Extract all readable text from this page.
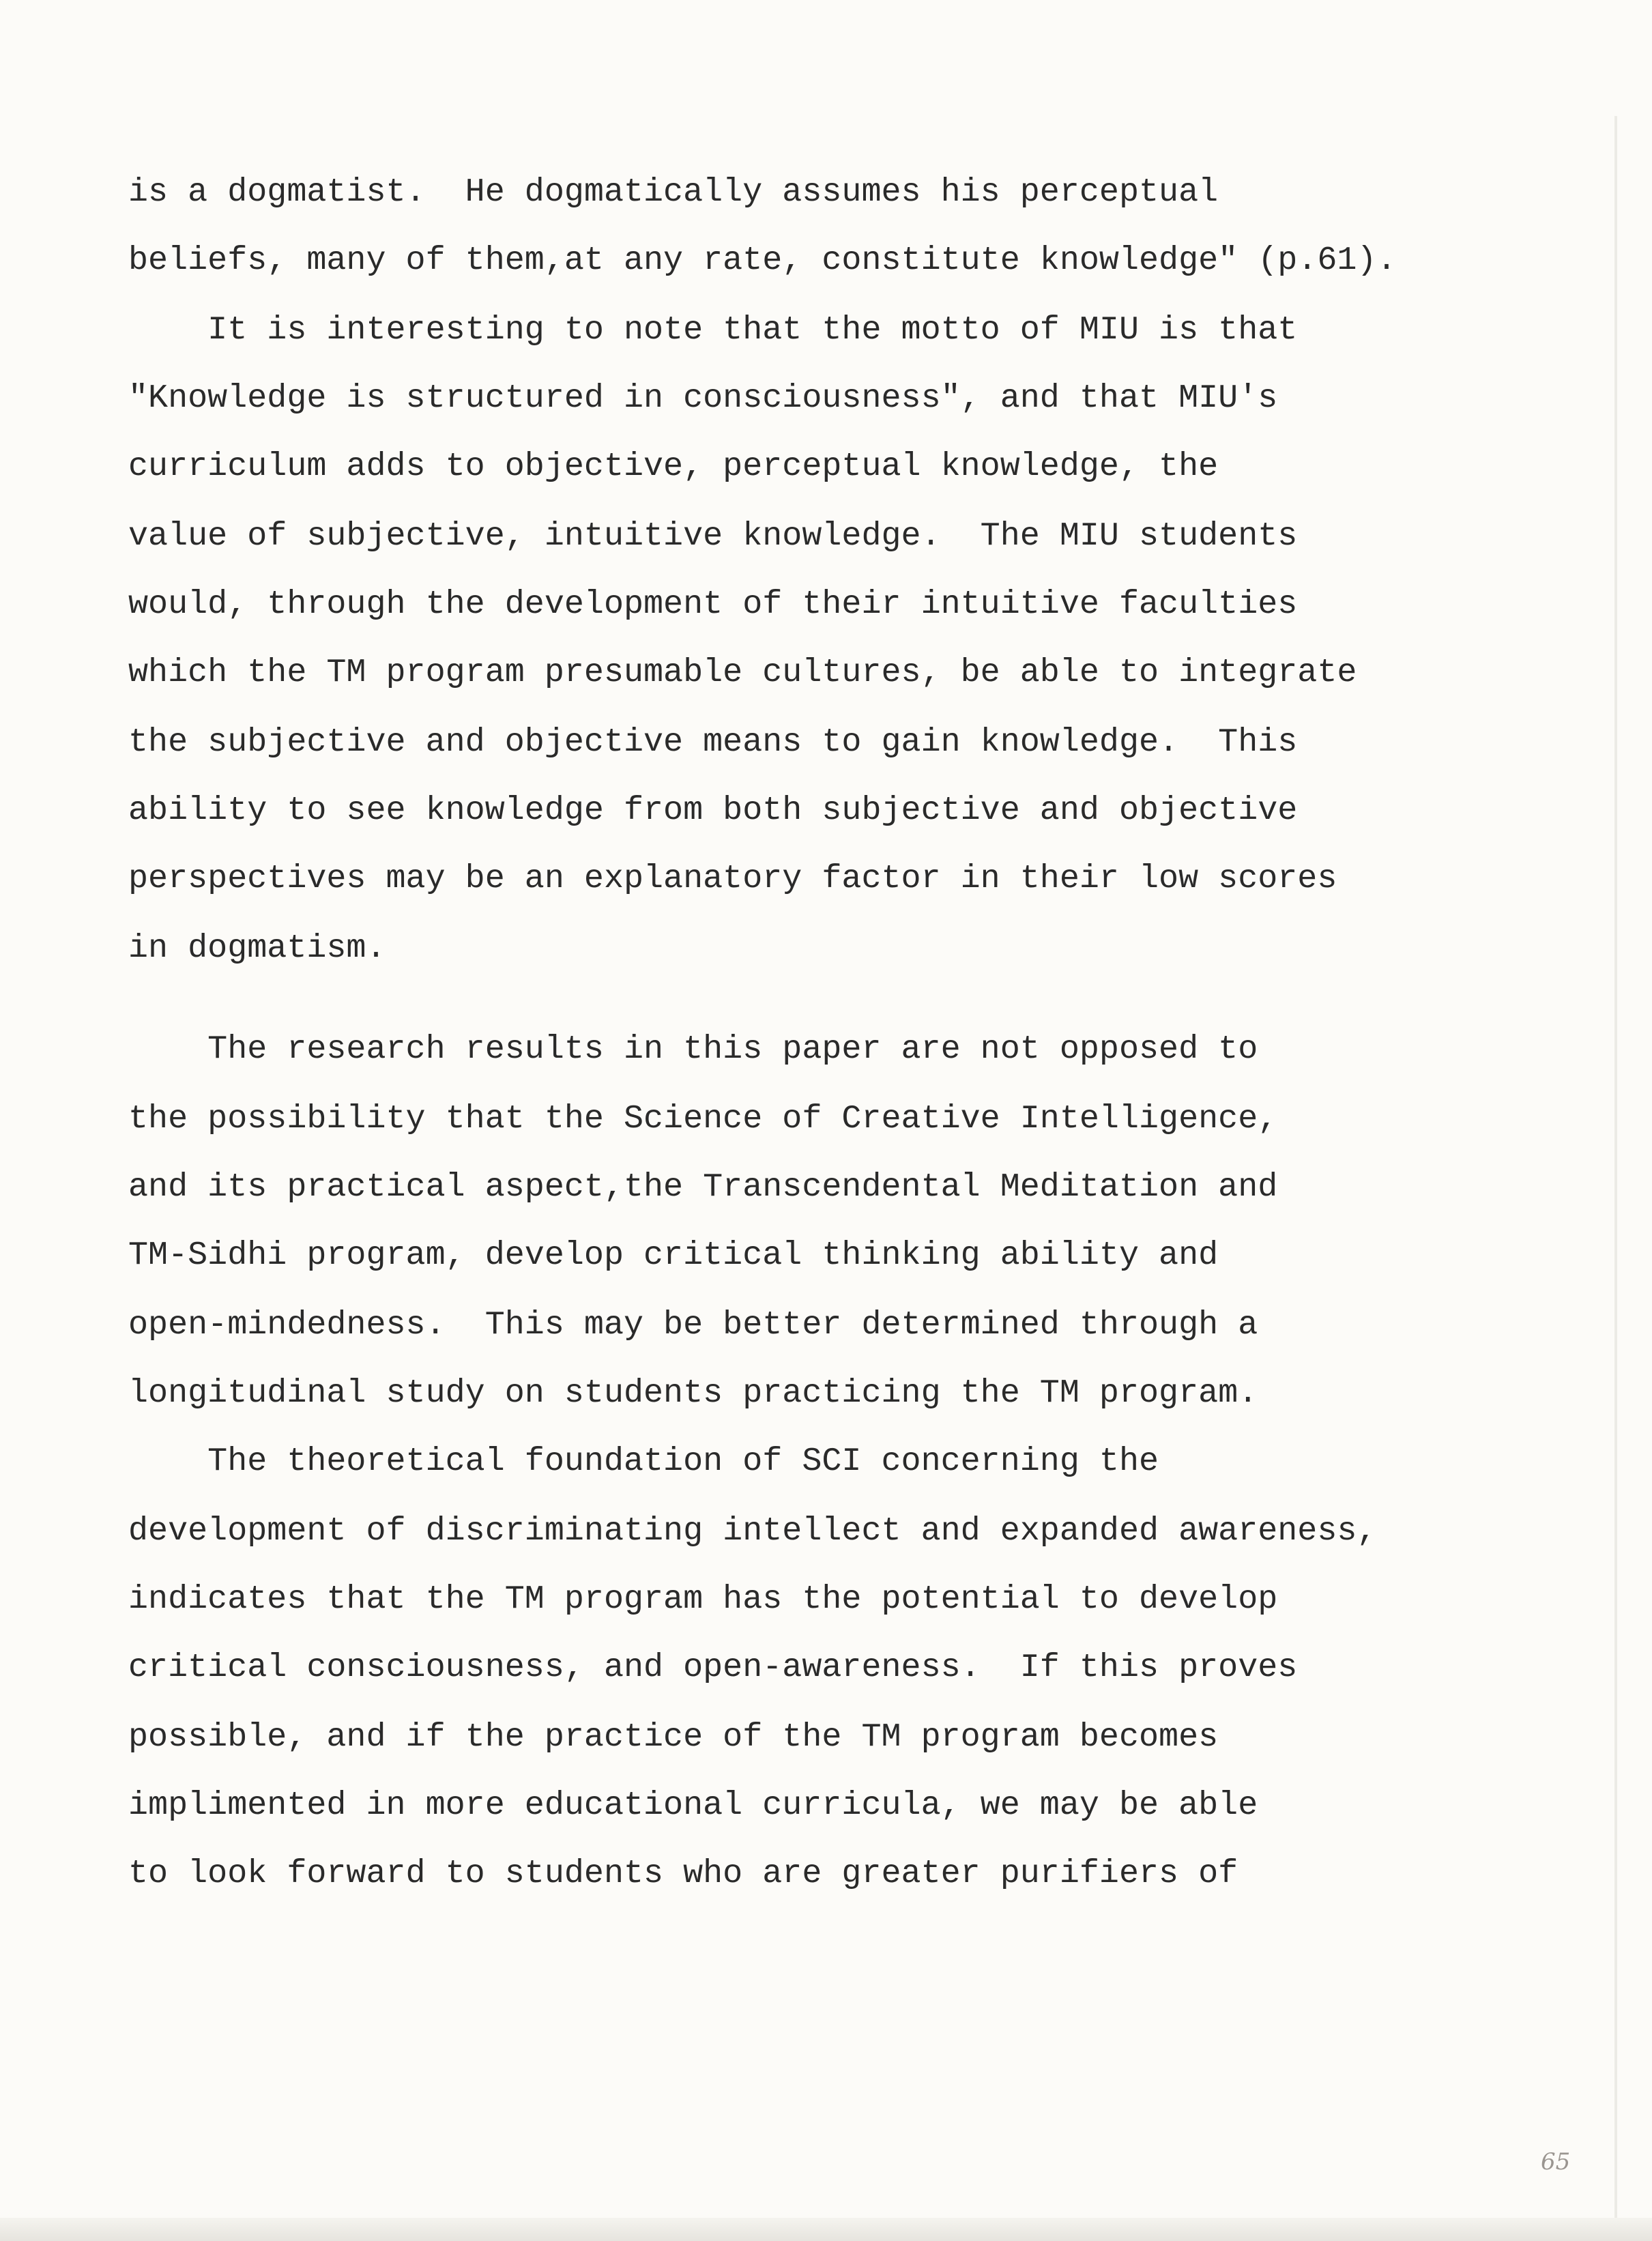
is a dogmatist.  He dogmatically assumes his perceptual

beliefs, many of them,at any rate, constitute knowledge" (p.61).

It is interesting to note that the motto of MIU is that

"Knowledge is structured in consciousness", and that MIU's

curriculum adds to objective, perceptual knowledge, the

value of subjective, intuitive knowledge.  The MIU students

would, through the development of their intuitive faculties

which the TM program presumable cultures, be able to integrate

the subjective and objective means to gain knowledge.  This

ability to see knowledge from both subjective and objective

perspectives may be an explanatory factor in their low scores

in dogmatism.

The research results in this paper are not opposed to

the possibility that the Science of Creative Intelligence,

and its practical aspect,the Transcendental Meditation and

TM-Sidhi program, develop critical thinking ability and

open-mindedness.  This may be better determined through a

longitudinal study on students practicing the TM program.

The theoretical foundation of SCI concerning the

development of discriminating intellect and expanded awareness,

indicates that the TM program has the potential to develop

critical consciousness, and open-awareness.  If this proves

possible, and if the practice of the TM program becomes

implimented in more educational curricula, we may be able

to look forward to students who are greater purifiers of

65
